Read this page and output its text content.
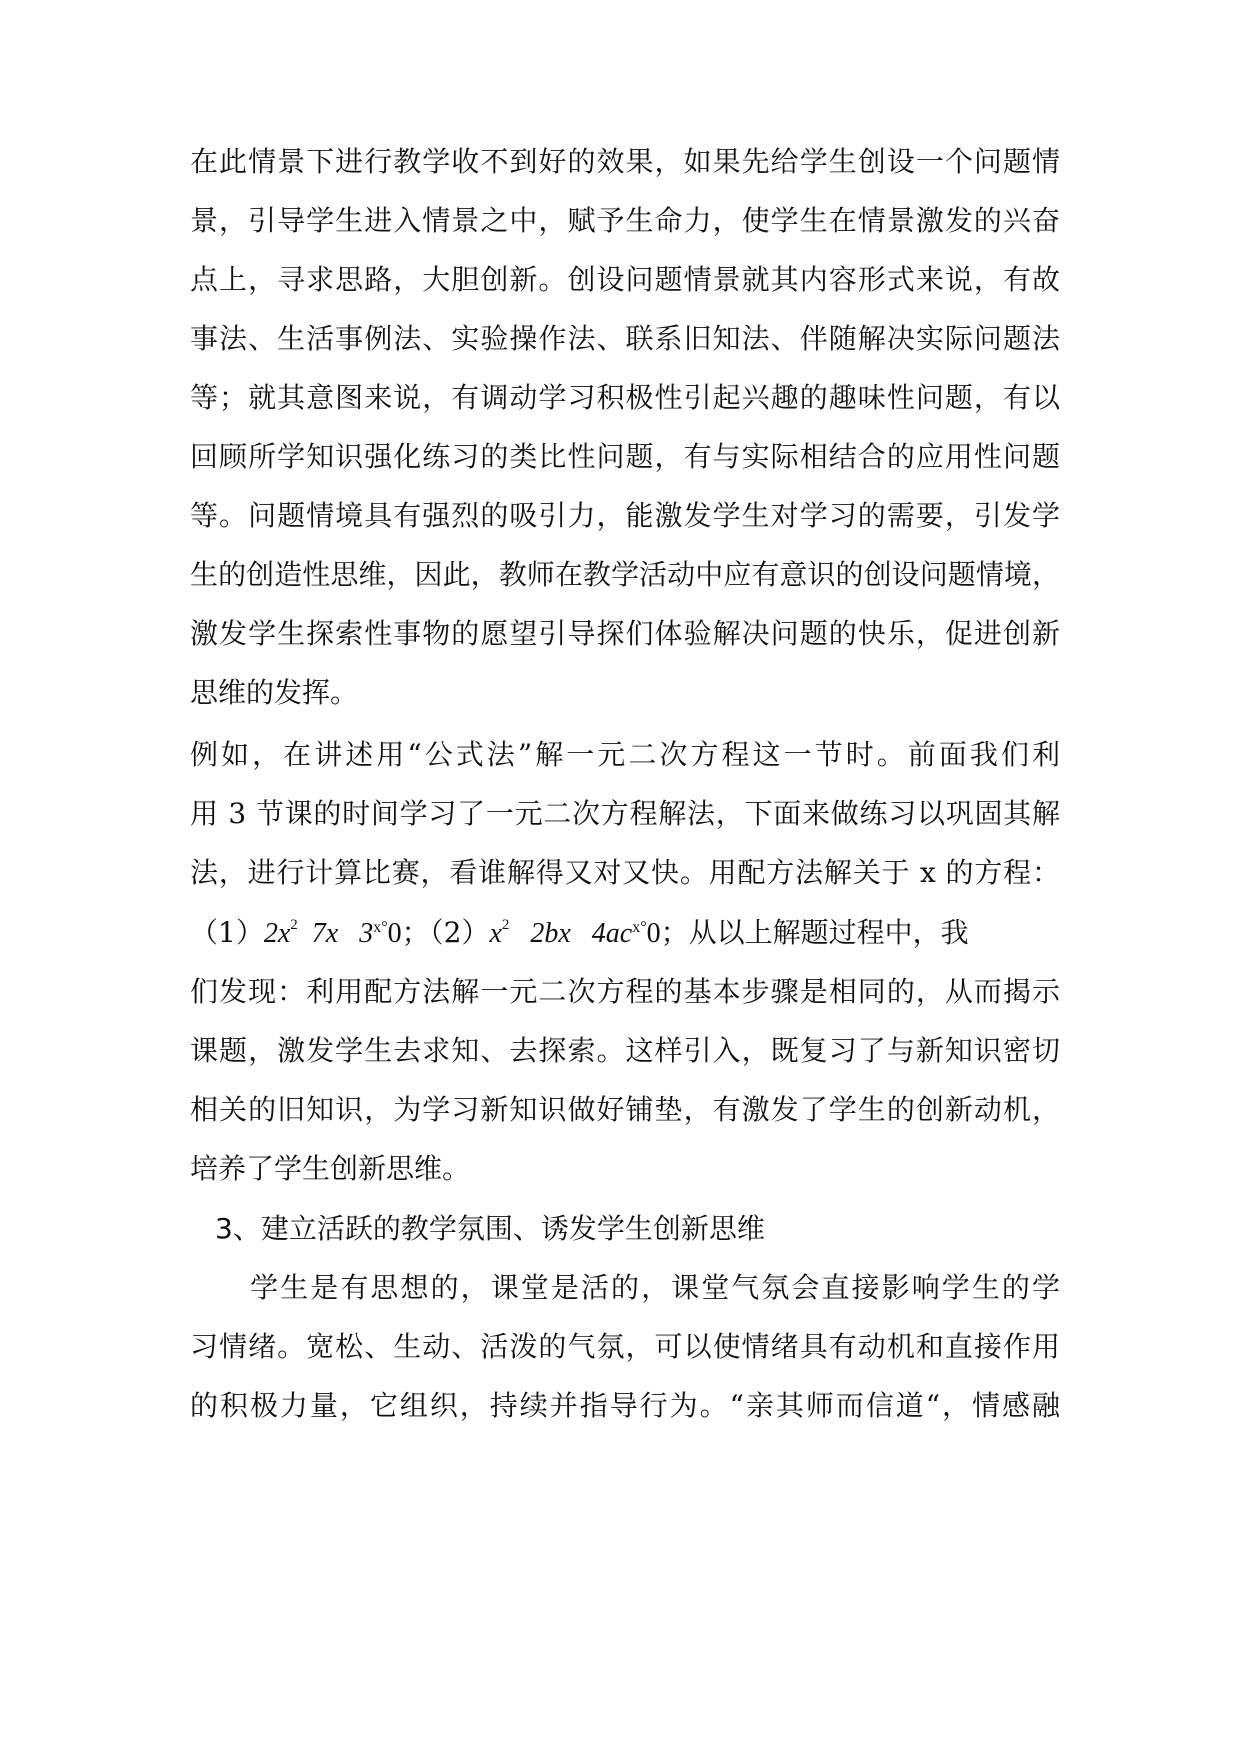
在此情景下进行教学收不到好的效果，如果先给学生创设一个问题情
景，引导学生进入情景之中，赋予生命力，使学生在情景激发的兴奋
点上，寻求思路，大胆创新。创设问题情景就其内容形式来说，有故
事法、生活事例法、实验操作法、联系旧知法、伴随解决实际问题法
等；就其意图来说，有调动学习积极性引起兴趣的趣味性问题，有以
回顾所学知识强化练习的类比性问题，有与实际相结合的应用性问题
等。问题情境具有强烈的吸引力，能激发学生对学习的需要，引发学
生的创造性思维，因此，教师在教学活动中应有意识的创设问题情境，
激发学生探索性事物的愿望引导探们体验解决问题的快乐，促进创新
思维的发挥。
例如，在讲述用“公式法”解一元二次方程这一节时。前面我们利
用 3 节课的时间学习了一元二次方程解法，下面来做练习以巩固其解
法，进行计算比赛，看谁解得又对又快。用配方法解关于 x 的方程：
$(1)2x^2$  7x   $3^{x^\circ}0$；$(2)x^2$   2bx   $4ac^{x^\circ}0$；从以上解题过程中，我
们发现：利用配方法解一元二次方程的基本步骤是相同的，从而揭示
课题，激发学生去求知、去探索。这样引入，既复习了与新知识密切
相关的旧知识，为学习新知识做好铺垫，有激发了学生的创新动机，
培养了学生创新思维。
3、建立活跃的教学氛围、诱发学生创新思维
　　学生是有思想的，课堂是活的，课堂气氛会直接影响学生的学
习情绪。宽松、生动、活泼的气氛，可以使情绪具有动机和直接作用
的积极力量，它组织，持续并指导行为。“亲其师而信道“，情感融
